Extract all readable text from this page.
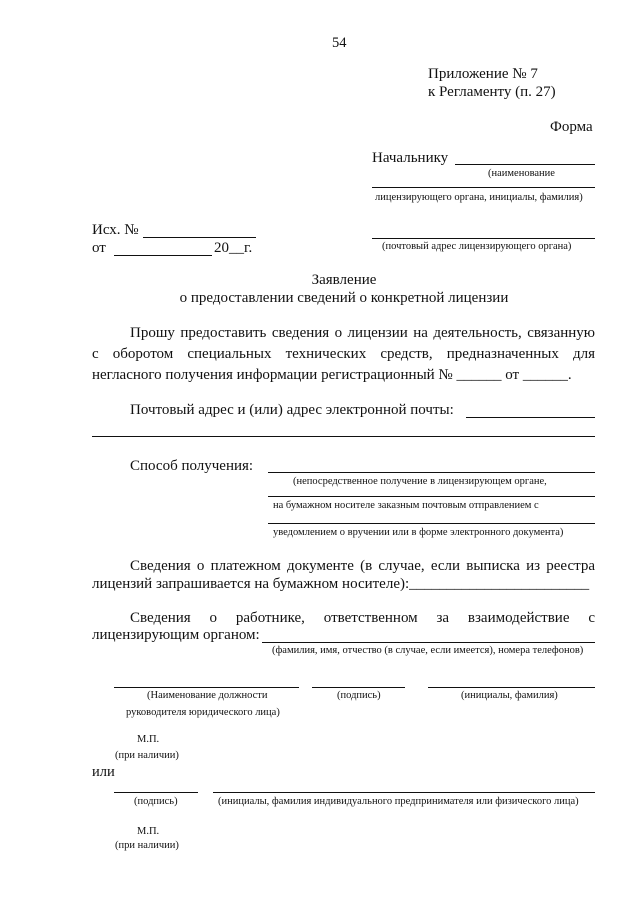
54
Приложение № 7
к Регламенту (п. 27)
Форма
Начальнику
(наименование
лицензирующего органа, инициалы, фамилия)
Исх. №
от	20__г.	(почтовый адрес лицензирующего органа)
Заявление
о предоставлении сведений о конкретной лицензии
Прошу предоставить сведения о лицензии на деятельность, связанную
с оборотом специальных технических средств, предназначенных для
негласного получения информации регистрационный № ______ от ______.
Почтовый адрес и (или) адрес электронной почты:
Способ получения:
(непосредственное получение в лицензирующем органе,
на бумажном носителе заказным почтовым отправлением с
уведомлением о вручении или в форме электронного документа)
Сведения о платежном документе (в случае, если выписка из реестра
лицензий запрашивается на бумажном носителе):________________________
Сведения о работнике, ответственном за взаимодействие с
лицензирующим органом:
(фамилия, имя, отчество (в случае, если имеется), номера телефонов)
(Наименование должности
руководителя юридического лица)
(подпись)	(инициалы, фамилия)
М.П.
(при наличии)
или
(подпись)	(инициалы, фамилия индивидуального предпринимателя или физического лица)
М.П.
(при наличии)
